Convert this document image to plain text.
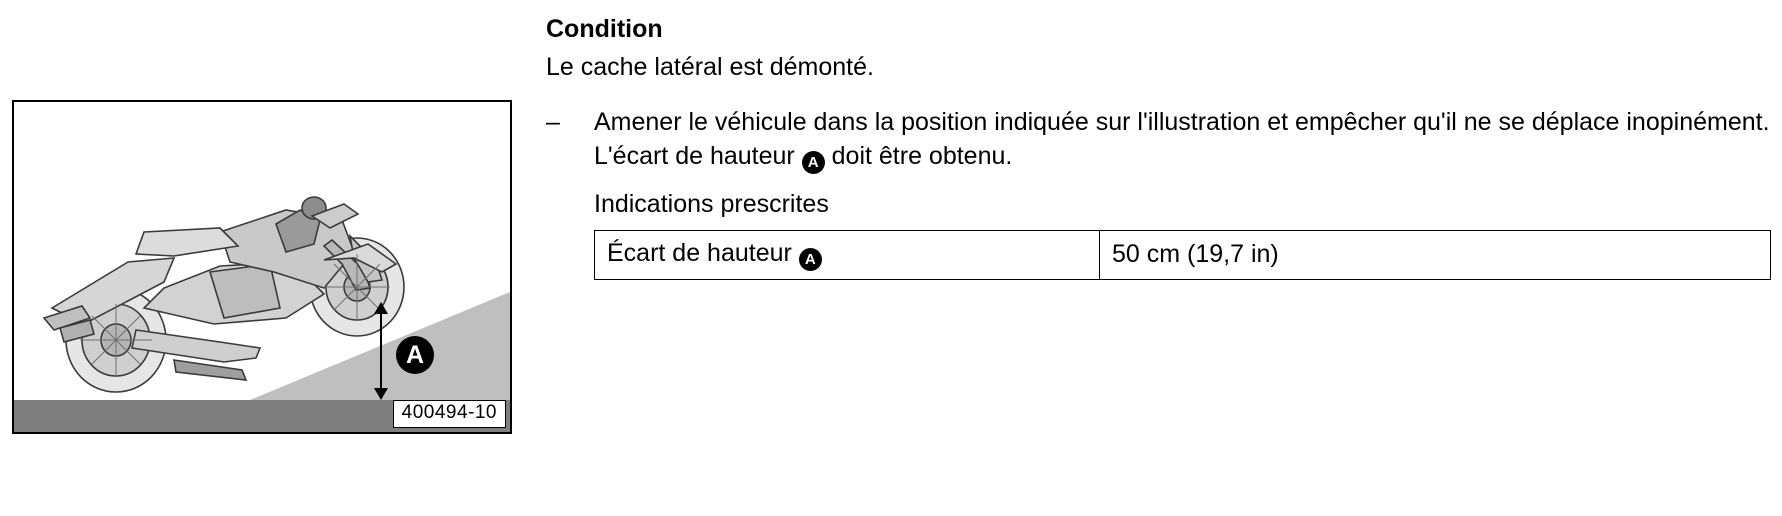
A
400494-10
Condition

Le cache latéral est démonté.

–	Amener le véhicule dans la position indiquée sur l'illustration et empêcher qu'il ne se déplace inopinément. L'écart de hauteur A doit être obtenu.

Indications prescrites

Écart de hauteur A	50 cm (19,7 in)
